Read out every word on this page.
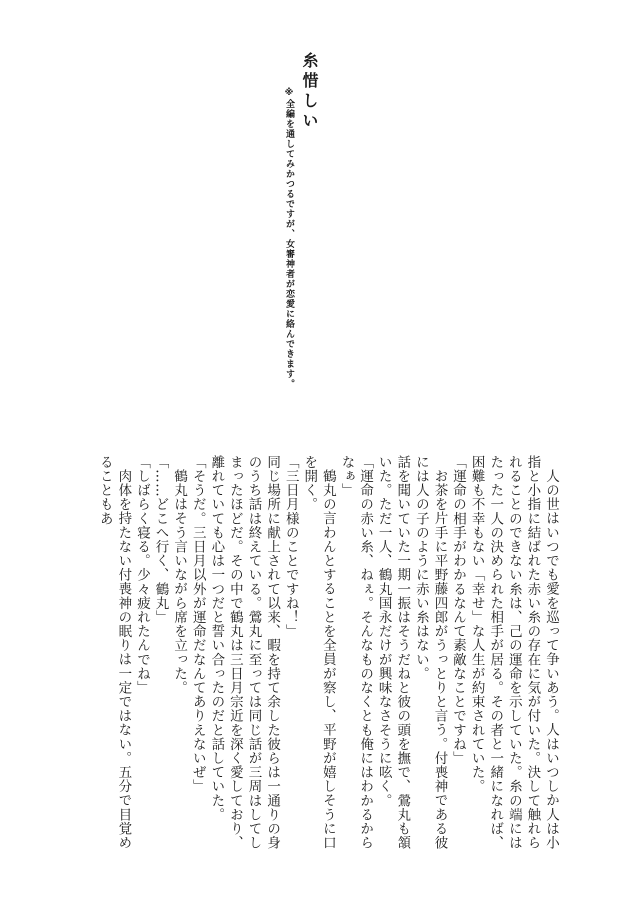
糸惜しい
※全編を通してみかつるですが、女審神者が恋愛に絡んできます。

人の世はいつでも愛を巡って争いあう。人はいつしか人は小指と小指に結ばれた赤い糸の存在に気が付いた。決して触れられることのできない糸は、己の運命を示していた。糸の端にはたった一人の決められた相手が居る。その者と一緒になれば、困難も不幸もない「幸せ」な人生が約束されていた。

「運命の相手がわかるなんて素敵なことですね」

お茶を片手に平野藤四郎がうっとりと言う。付喪神である彼には人の子のように赤い糸はない。

話を聞いていた一期一振はそうだねと彼の頭を撫で、鶯丸も頷いた。ただ一人、鶴丸国永だけが興味なさそうに呟く。

「運命の赤い糸、ねぇ。そんなものなくとも俺にはわかるからなぁ」

鶴丸の言わんとすることを全員が察し、平野が嬉しそうに口を開く。

「三日月様のことですね！」

同じ場所に献上されて以来、暇を持て余した彼らは一通りの身のうち話は終えている。鶯丸に至っては同じ話が三周はしてしまったほどだ。その中で鶴丸は三日月宗近を深く愛しており、離れていても心は一つだと誓い合ったのだと話していた。

「そうだ。三日月以外が運命だなんてありえないぜ」

鶴丸はそう言いながら席を立った。

「……どこへ行く、鶴丸」

「しばらく寝る。少々疲れたんでね」

肉体を持たない付喪神の眠りは一定ではない。五分で目覚めることもあ
